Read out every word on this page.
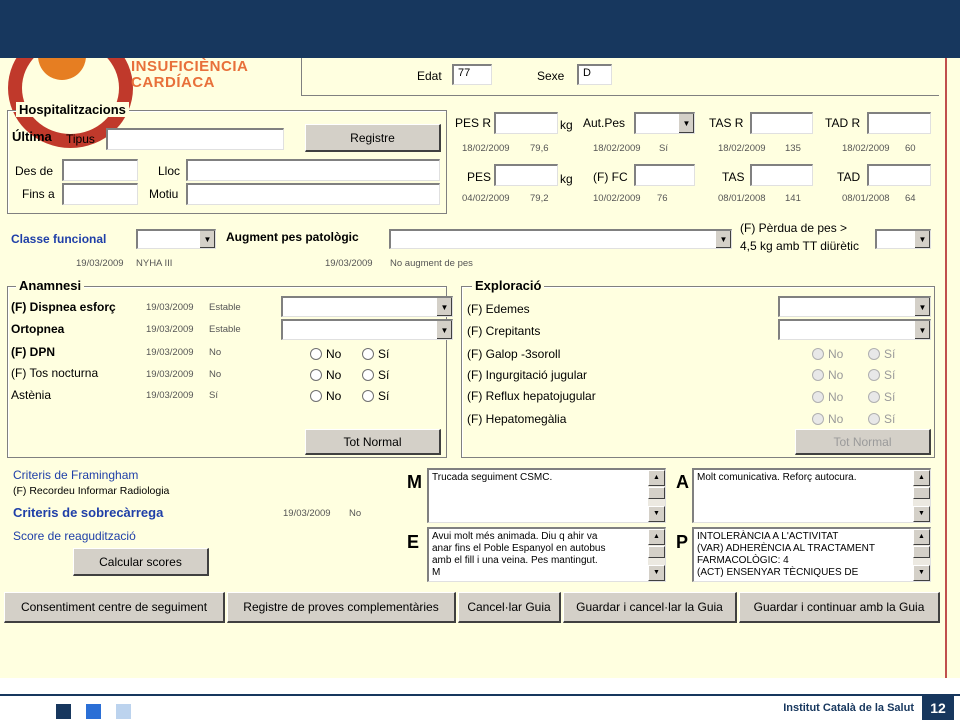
INSUFICIÈNCIA
CARDÍACA	Edat	77	Sexe	D
Hospitalitzacions
Última Tipus	Registre
Des de	Lloc
Fins a	Motiu
PES R	kg Aut.Pes	▼ TAS R	TAD R
18/02/2009 79,6	18/02/2009 Sí	18/02/2009 135	18/02/2009 60
PES	kg (F) FC	TAS	TAD
04/02/2009 79,2	10/02/2009 76	08/01/2008 141	08/01/2008 64
Classe funcional	▼ Augment pes patològic	▼
(F) Pèrdua de pes >
4,5 kg amb TT diürètic	▼
19/03/2009 NYHA III	19/03/2009 No augment de pes
Anamnesi
(F) Dispnea esforç	19/03/2009 Estable	▼
Ortopnea	19/03/2009 Estable	▼
(F) DPN	19/03/2009 No	No	Sí
(F) Tos nocturna	19/03/2009 No	No	Sí
Astènia	19/03/2009 Sí	No	Sí
Tot Normal
Exploració
(F) Edemes	▼
(F) Crepitants	▼
(F) Galop -3soroll	No	Sí
(F) Ingurgitació jugular	No	Sí
(F) Reflux hepatojugular	No	Sí
(F) Hepatomegàlia	No	Sí
Tot Normal
Criteris de Framingham
(F) Recordeu Informar Radiologia
Criteris de sobrecàrrega	19/03/2009 No
Score de reagudització
Calcular scores
M Trucada seguiment CSMC.	▲
▼
A Molt comunicativa. Reforç autocura.	▲
▼
E Avui molt més animada. Diu q ahir va
anar fins el Poble Espanyol en autobus
amb el fill i una veina. Pes mantingut.
M
▲
▼
P INTOLERÀNCIA A L'ACTIVITAT
(VAR) ADHERÈNCIA AL TRACTAMENT
FARMACOLÒGIC: 4
(ACT) ENSENYAR TÈCNIQUES DE
▲
▼
Consentiment centre de seguiment	Registre de proves complementàries	Cancel·lar Guia	Guardar i cancel·lar la Guia	Guardar i continuar amb la Guia
Institut Català de la Salut	12
